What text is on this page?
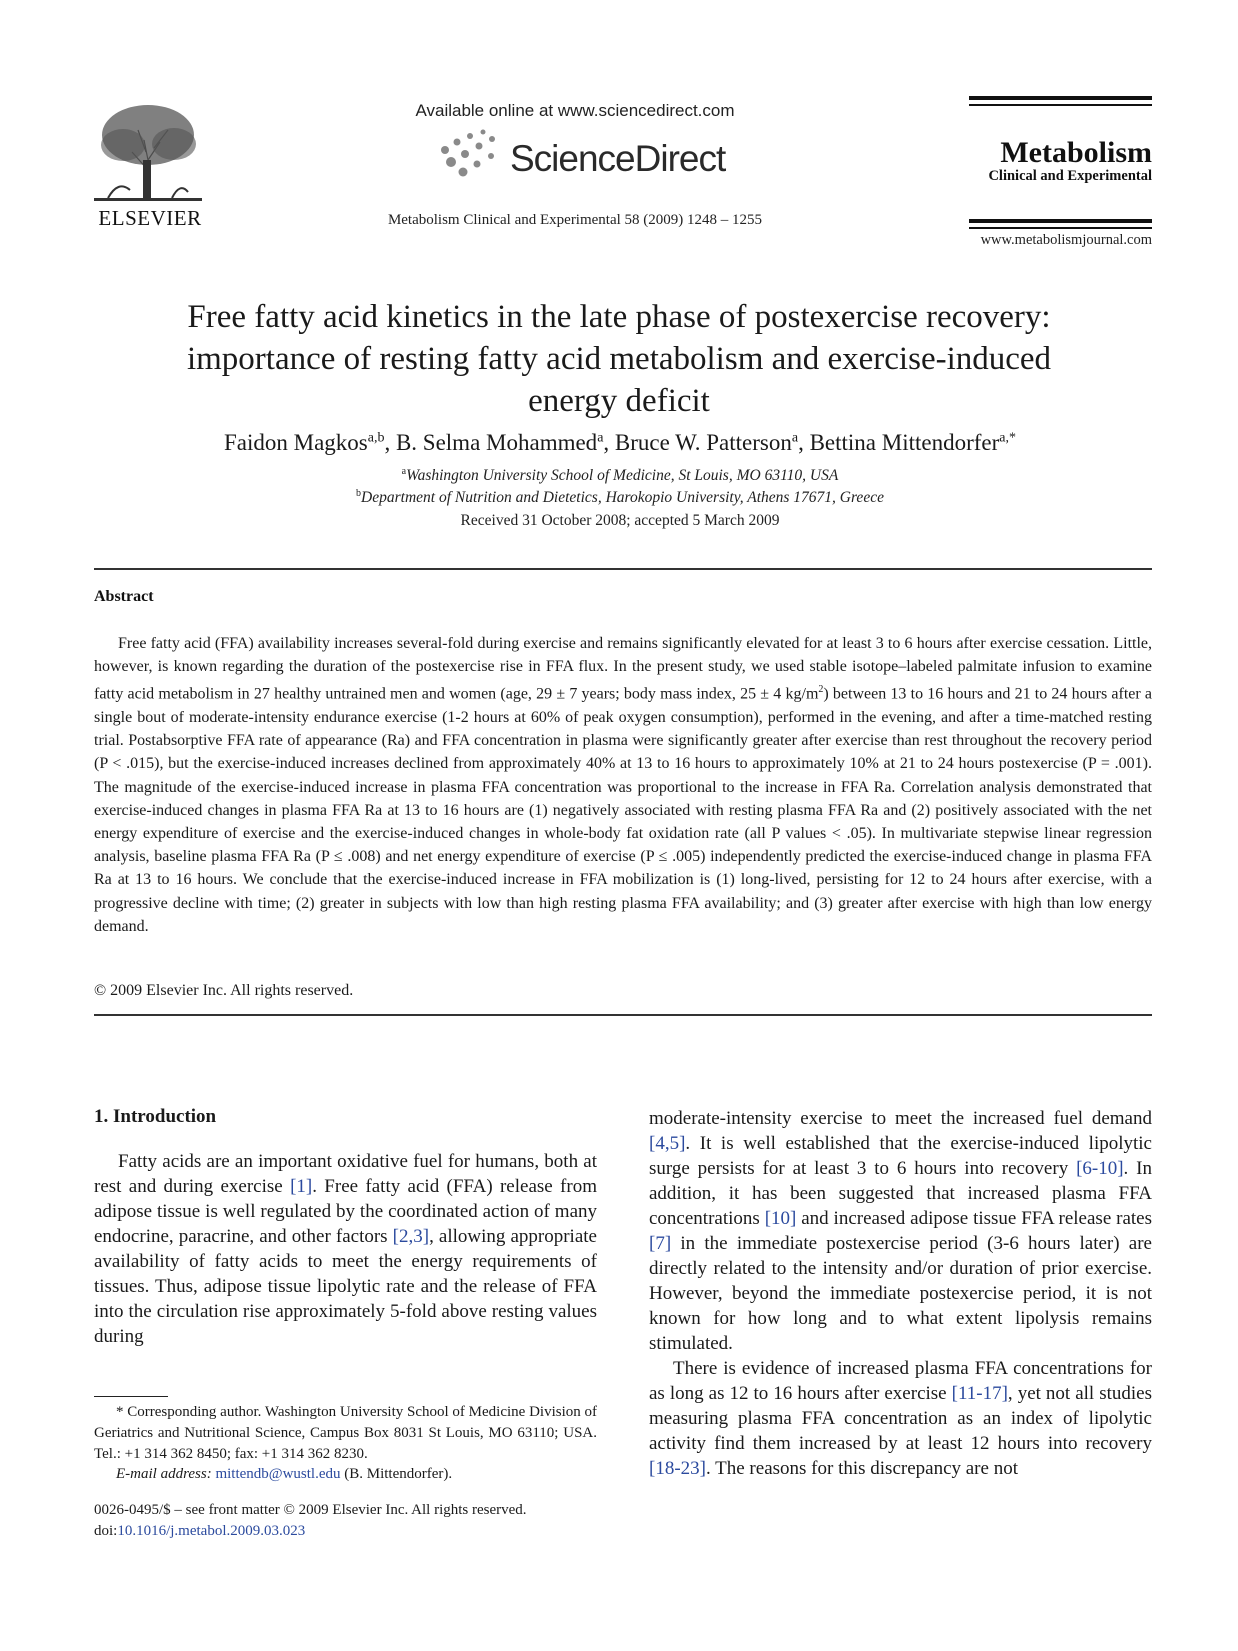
ELSEVIER
Available online at www.sciencedirect.com
ScienceDirect
Metabolism Clinical and Experimental 58 (2009) 1248 – 1255
Metabolism
Clinical and Experimental
www.metabolismjournal.com
Free fatty acid kinetics in the late phase of postexercise recovery:
importance of resting fatty acid metabolism and exercise-induced
energy deficit
Faidon Magkos$^{a,b}$, B. Selma Mohammed$^a$, Bruce W. Patterson$^a$, Bettina Mittendorfer$^{a,*}$
$^a$Washington University School of Medicine, St Louis, MO 63110, USA
$^b$Department of Nutrition and Dietetics, Harokopio University, Athens 17671, Greece
Received 31 October 2008; accepted 5 March 2009
Abstract
Free fatty acid (FFA) availability increases several-fold during exercise and remains significantly elevated for at least 3 to 6 hours after exercise cessation. Little, however, is known regarding the duration of the postexercise rise in FFA flux. In the present study, we used stable isotope–labeled palmitate infusion to examine fatty acid metabolism in 27 healthy untrained men and women (age, 29 ± 7 years; body mass index, 25 ± 4 $kg/m^2$) between 13 to 16 hours and 21 to 24 hours after a single bout of moderate-intensity endurance exercise (1-2 hours at 60% of peak oxygen consumption), performed in the evening, and after a time-matched resting trial. Postabsorptive FFA rate of appearance (Ra) and FFA concentration in plasma were significantly greater after exercise than rest throughout the recovery period (P < .015), but the exercise-induced increases declined from approximately 40% at 13 to 16 hours to approximately 10% at 21 to 24 hours postexercise (P = .001). The magnitude of the exercise-induced increase in plasma FFA concentration was proportional to the increase in FFA Ra. Correlation analysis demonstrated that exercise-induced changes in plasma FFA Ra at 13 to 16 hours are (1) negatively associated with resting plasma FFA Ra and (2) positively associated with the net energy expenditure of exercise and the exercise-induced changes in whole-body fat oxidation rate (all P values < .05). In multivariate stepwise linear regression analysis, baseline plasma FFA Ra (P ≤ .008) and net energy expenditure of exercise (P ≤ .005) independently predicted the exercise-induced change in plasma FFA Ra at 13 to 16 hours. We conclude that the exercise-induced increase in FFA mobilization is (1) long-lived, persisting for 12 to 24 hours after exercise, with a progressive decline with time; (2) greater in subjects with low than high resting plasma FFA availability; and (3) greater after exercise with high than low energy demand.
© 2009 Elsevier Inc. All rights reserved.
1. Introduction

Fatty acids are an important oxidative fuel for humans, both at rest and during exercise [1]. Free fatty acid (FFA) release from adipose tissue is well regulated by the coordinated action of many endocrine, paracrine, and other factors [2,3], allowing appropriate availability of fatty acids to meet the energy requirements of tissues. Thus, adipose tissue lipolytic rate and the release of FFA into the circulation rise approximately 5-fold above resting values during

moderate-intensity exercise to meet the increased fuel demand [4,5]. It is well established that the exercise-induced lipolytic surge persists for at least 3 to 6 hours into recovery [6-10]. In addition, it has been suggested that increased plasma FFA concentrations [10] and increased adipose tissue FFA release rates [7] in the immediate postexercise period (3-6 hours later) are directly related to the intensity and/or duration of prior exercise. However, beyond the immediate postexercise period, it is not known for how long and to what extent lipolysis remains stimulated.

There is evidence of increased plasma FFA concentrations for as long as 12 to 16 hours after exercise [11-17], yet not all studies measuring plasma FFA concentration as an index of lipolytic activity find them increased by at least 12 hours into recovery [18-23]. The reasons for this discrepancy are not

* Corresponding author. Washington University School of Medicine Division of Geriatrics and Nutritional Science, Campus Box 8031 St Louis, MO 63110; USA. Tel.: +1 314 362 8450; fax: +1 314 362 8230.
E-mail address: mittendb@wustl.edu (B. Mittendorfer).
0026-0495/$ – see front matter © 2009 Elsevier Inc. All rights reserved.
doi:10.1016/j.metabol.2009.03.023
